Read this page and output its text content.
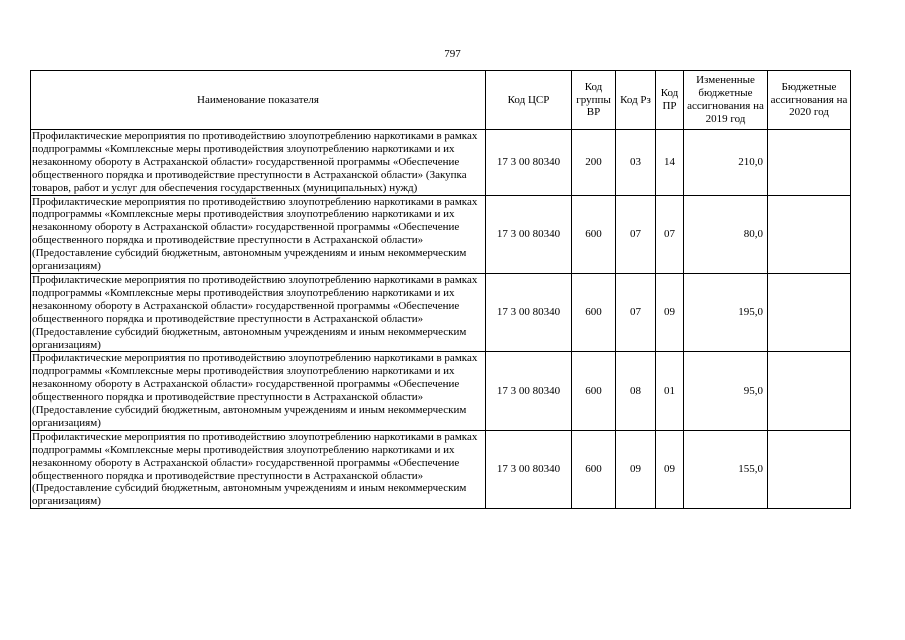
797
Наименование показателя	Код ЦСР	Код группы ВР	Код Рз	Код ПР	Измененные бюджетные ассигнования на 2019 год	Бюджетные ассигнования на 2020 год
Профилактические мероприятия по противодействию злоупотреблению наркотиками в рамках подпрограммы «Комплексные меры противодействия злоупотреблению наркотиками и их незаконному обороту в Астраханской области» государственной программы «Обеспечение общественного порядка и противодействие преступности в Астраханской области» (Закупка товаров, работ и услуг для обеспечения государственных (муниципальных) нужд)	17 3 00 80340	200	03	14	210,0	
Профилактические мероприятия по противодействию злоупотреблению наркотиками в рамках подпрограммы «Комплексные меры противодействия злоупотреблению наркотиками и их незаконному обороту в Астраханской области» государственной программы «Обеспечение общественного порядка и противодействие преступности в Астраханской области» (Предоставление субсидий бюджетным, автономным учреждениям и иным некоммерческим организациям)	17 3 00 80340	600	07	07	80,0	
Профилактические мероприятия по противодействию злоупотреблению наркотиками в рамках подпрограммы «Комплексные меры противодействия злоупотреблению наркотиками и их незаконному обороту в Астраханской области» государственной программы «Обеспечение общественного порядка и противодействие преступности в Астраханской области» (Предоставление субсидий бюджетным, автономным учреждениям и иным некоммерческим организациям)	17 3 00 80340	600	07	09	195,0	
Профилактические мероприятия по противодействию злоупотреблению наркотиками в рамках подпрограммы «Комплексные меры противодействия злоупотреблению наркотиками и их незаконному обороту в Астраханской области» государственной программы «Обеспечение общественного порядка и противодействие преступности в Астраханской области» (Предоставление субсидий бюджетным, автономным учреждениям и иным некоммерческим организациям)	17 3 00 80340	600	08	01	95,0	
Профилактические мероприятия по противодействию злоупотреблению наркотиками в рамках подпрограммы «Комплексные меры противодействия злоупотреблению наркотиками и их незаконному обороту в Астраханской области» государственной программы «Обеспечение общественного порядка и противодействие преступности в Астраханской области» (Предоставление субсидий бюджетным, автономным учреждениям и иным некоммерческим организациям)	17 3 00 80340	600	09	09	155,0	
